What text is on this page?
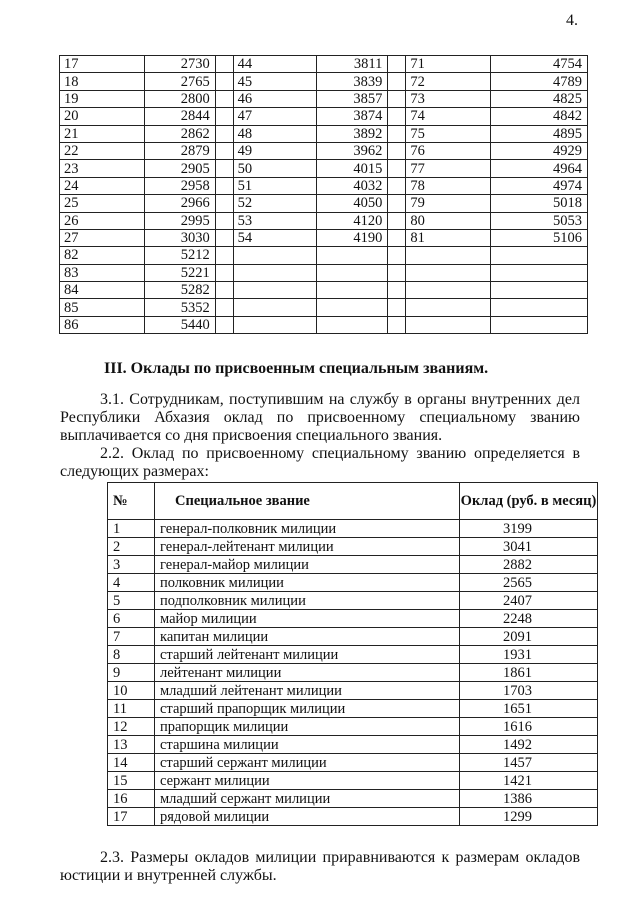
4.
17	2730		44	3811		71	4754
18	2765		45	3839		72	4789
19	2800		46	3857		73	4825
20	2844		47	3874		74	4842
21	2862		48	3892		75	4895
22	2879		49	3962		76	4929
23	2905		50	4015		77	4964
24	2958		51	4032		78	4974
25	2966		52	4050		79	5018
26	2995		53	4120		80	5053
27	3030		54	4190		81	5106
82	5212						
83	5221						
84	5282						
85	5352						
86	5440						
III. Оклады по присвоенным специальным званиям.
3.1. Сотрудникам, поступившим на службу в органы внутренних дел Республики Абхазия оклад по присвоенному специальному званию выплачивается со дня присвоения специального звания.
2.2. Оклад по присвоенному специальному званию определяется в следующих размерах:
№	Специальное звание	Оклад (руб. в месяц)
1	генерал-полковник милиции	3199
2	генерал-лейтенант милиции	3041
3	генерал-майор милиции	2882
4	полковник милиции	2565
5	подполковник милиции	2407
6	майор милиции	2248
7	капитан милиции	2091
8	старший лейтенант милиции	1931
9	лейтенант милиции	1861
10	младший лейтенант милиции	1703
11	старший прапорщик милиции	1651
12	прапорщик милиции	1616
13	старшина милиции	1492
14	старший сержант милиции	1457
15	сержант милиции	1421
16	младший сержант милиции	1386
17	рядовой милиции	1299
2.3. Размеры окладов милиции приравниваются к размерам окладов юстиции и внутренней службы.
